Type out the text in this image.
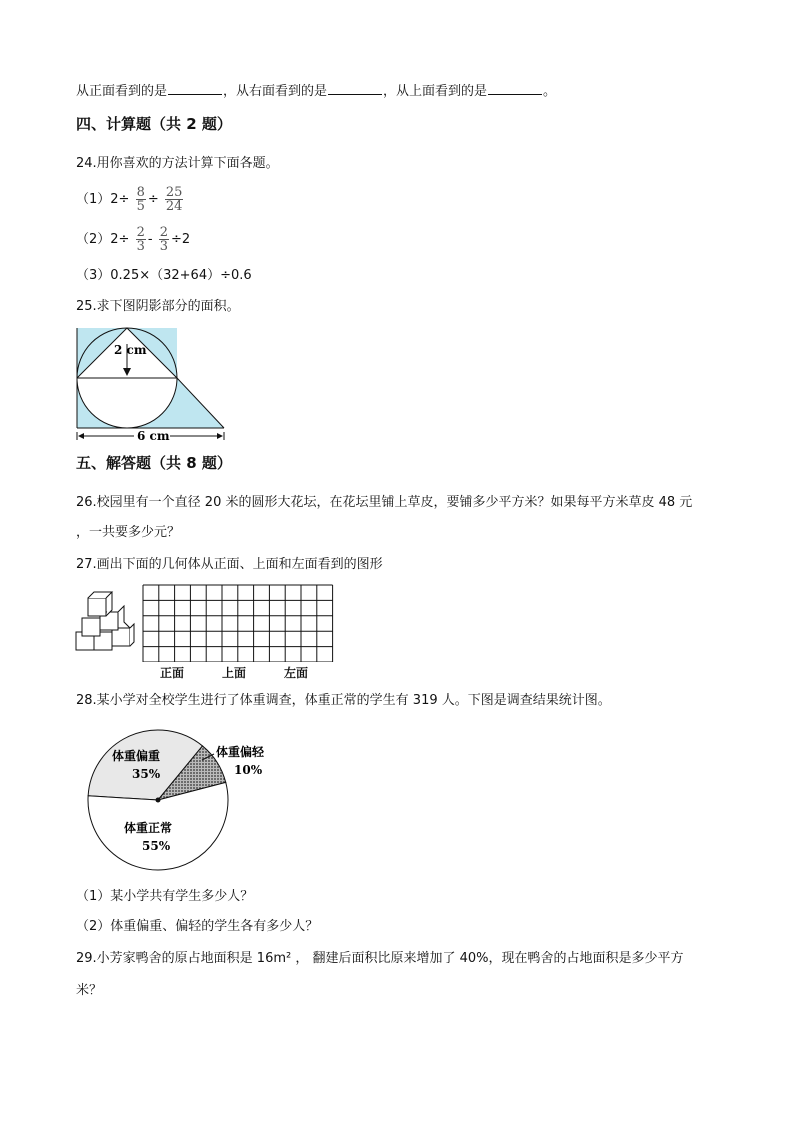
从正面看到的是	，从右面看到的是	，从上面看到的是	。
四、计算题（共 2 题）
24.用你喜欢的方法计算下面各题。
$(1)2\div \frac{8}{5} \div \frac{25}{24}$
$(2)2\div \frac{2}{3} - \frac{2}{3} \div 2$
（3）0.25×（32+64）÷0.6
25.求下图阴影部分的面积。
2 cm
6 cm
五、解答题（共 8 题）
26.校园里有一个直径 20 米的圆形大花坛，在花坛里铺上草皮，要铺多少平方米？如果每平方米草皮 48 元
，一共要多少元？
27.画出下面的几何体从正面、上面和左面看到的图形
正面	上面	左面
28.某小学对全校学生进行了体重调查，体重正常的学生有 319 人。下图是调查结果统计图。
体重偏重
35%
体重偏轻
10%
体重正常
55%
（1）某小学共有学生多少人？
（2）体重偏重、偏轻的学生各有多少人？
29.小芳家鸭舍的原占地面积是 16m² ， 翻建后面积比原来增加了 40%，现在鸭舍的占地面积是多少平方
米？
